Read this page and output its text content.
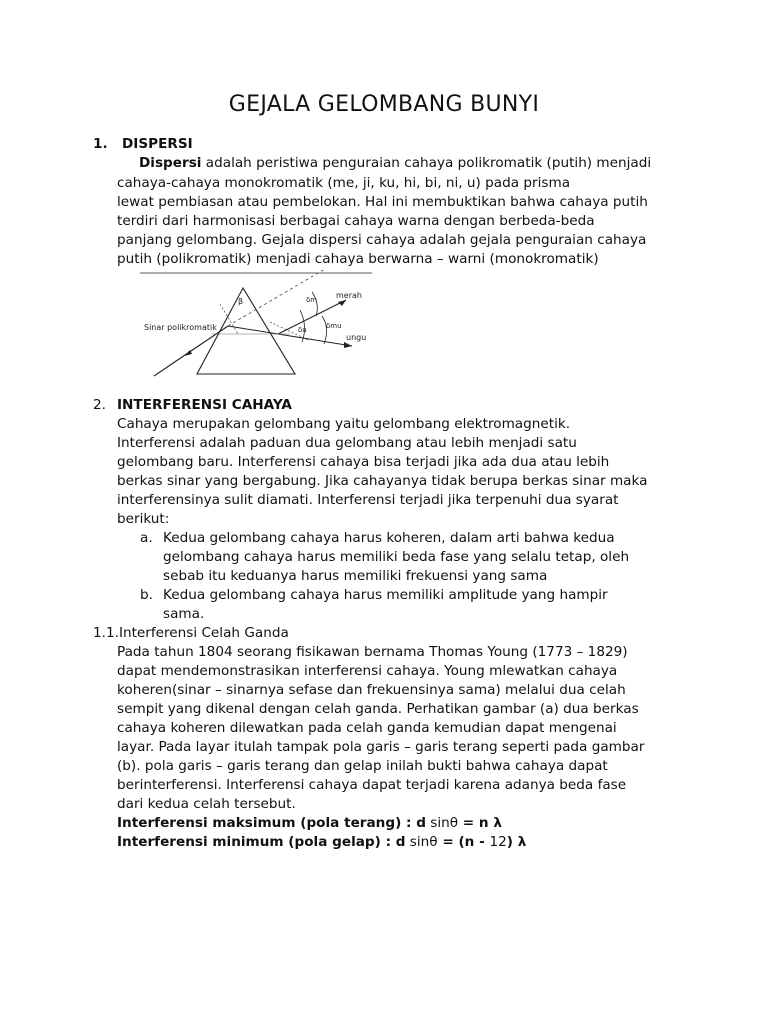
GEJALA GELOMBANG BUNYI
1. DISPERSI
Dispersi adalah peristiwa penguraian cahaya polikromatik (putih) menjadi
cahaya-cahaya monokromatik (me, ji, ku, hi, bi, ni, u) pada prisma
lewat pembiasan atau pembelokan. Hal ini membuktikan bahwa cahaya putih
terdiri dari harmonisasi berbagai cahaya warna dengan berbeda-beda
panjang gelombang. Gejala dispersi cahaya adalah gejala penguraian cahaya
putih (polikromatik) menjadi cahaya berwarna – warni (monokromatik)
β
Sinar polikromatik
merah
ungu
δm
δu	δmu
2. INTERFERENSI CAHAYA
Cahaya merupakan gelombang yaitu gelombang elektromagnetik.
Interferensi adalah paduan dua gelombang atau lebih menjadi satu
gelombang baru. Interferensi cahaya bisa terjadi jika ada dua atau lebih
berkas sinar yang bergabung. Jika cahayanya tidak berupa berkas sinar maka
interferensinya sulit diamati. Interferensi terjadi jika terpenuhi dua syarat
berikut:
a. Kedua gelombang cahaya harus koheren, dalam arti bahwa kedua
gelombang cahaya harus memiliki beda fase yang selalu tetap, oleh
sebab itu keduanya harus memiliki frekuensi yang sama
b. Kedua gelombang cahaya harus memiliki amplitude yang hampir
sama.
1.1.Interferensi Celah Ganda
Pada tahun 1804 seorang fisikawan bernama Thomas Young (1773 – 1829)
dapat mendemonstrasikan interferensi cahaya. Young mlewatkan cahaya
koheren(sinar – sinarnya sefase dan frekuensinya sama) melalui dua celah
sempit yang dikenal dengan celah ganda. Perhatikan gambar (a) dua berkas
cahaya koheren dilewatkan pada celah ganda kemudian dapat mengenai
layar. Pada layar itulah tampak pola garis – garis terang seperti pada gambar
(b). pola garis – garis terang dan gelap inilah bukti bahwa cahaya dapat
berinterferensi. Interferensi cahaya dapat terjadi karena adanya beda fase
dari kedua celah tersebut.
Interferensi maksimum (pola terang) : d sinθ = n λ
Interferensi minimum (pola gelap) : d sinθ = (n - 12) λ
